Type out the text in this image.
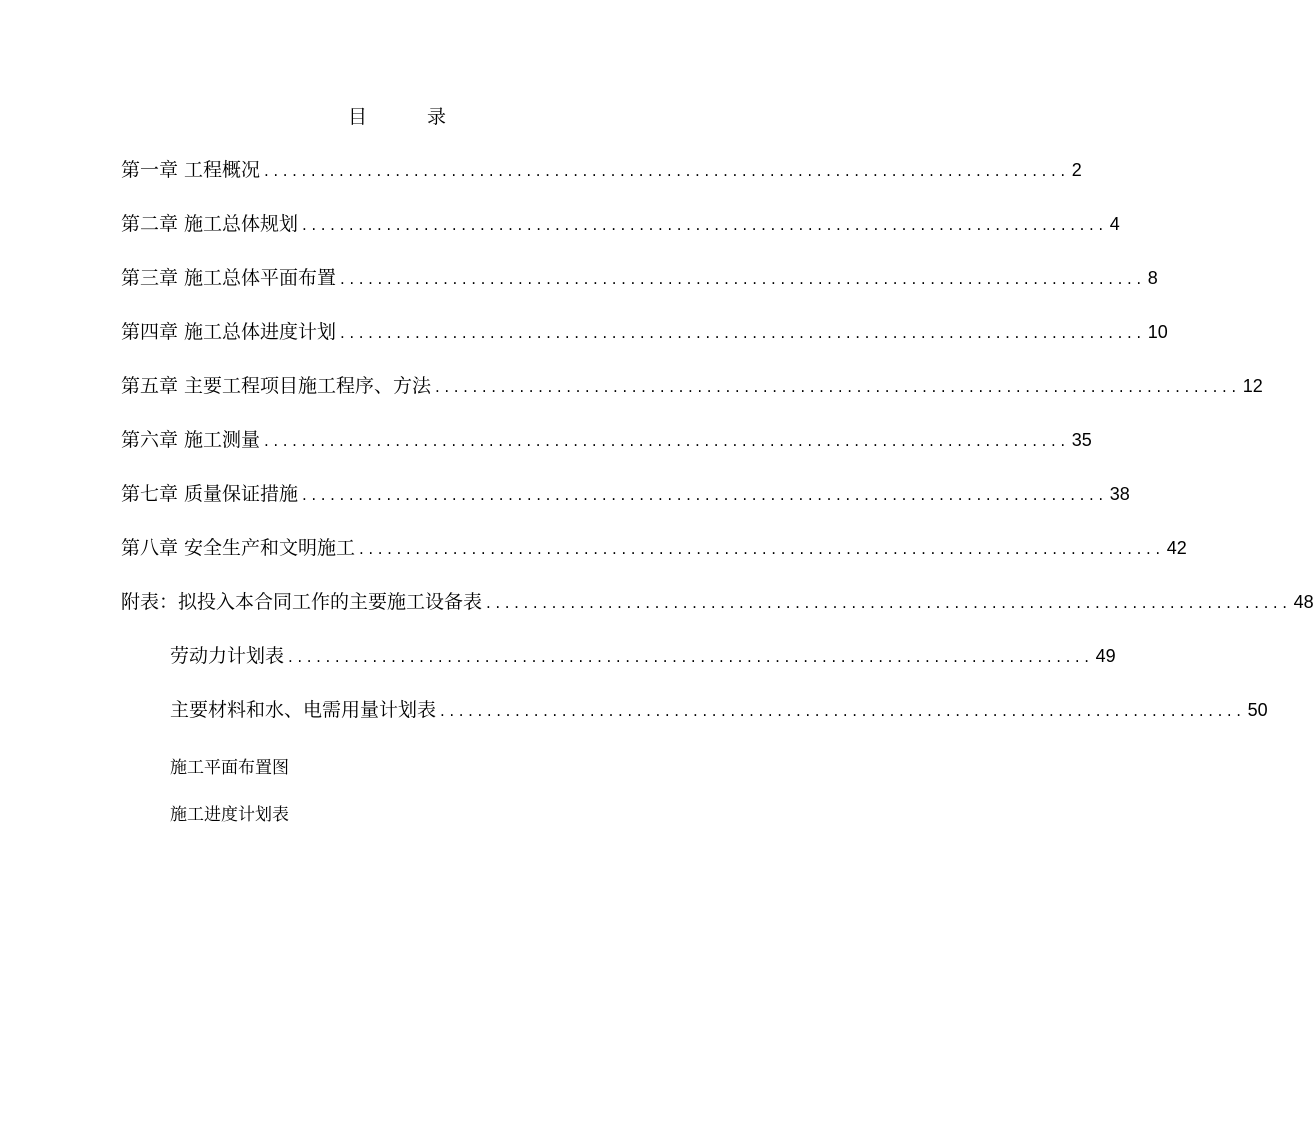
目	录
第一章 工程概况 ...................................................................................... 2
第二章 施工总体规划 ...................................................................................... 4
第三章 施工总体平面布置 ...................................................................................... 8
第四章 施工总体进度计划 ...................................................................................... 10
第五章 主要工程项目施工程序、方法 ...................................................................................... 12
第六章 施工测量 ...................................................................................... 35
第七章 质量保证措施 ...................................................................................... 38
第八章 安全生产和文明施工 ...................................................................................... 42
附表：拟投入本合同工作的主要施工设备表 ...................................................................................... 48
劳动力计划表 ...................................................................................... 49
主要材料和水、电需用量计划表 ...................................................................................... 50
施工平面布置图
施工进度计划表
